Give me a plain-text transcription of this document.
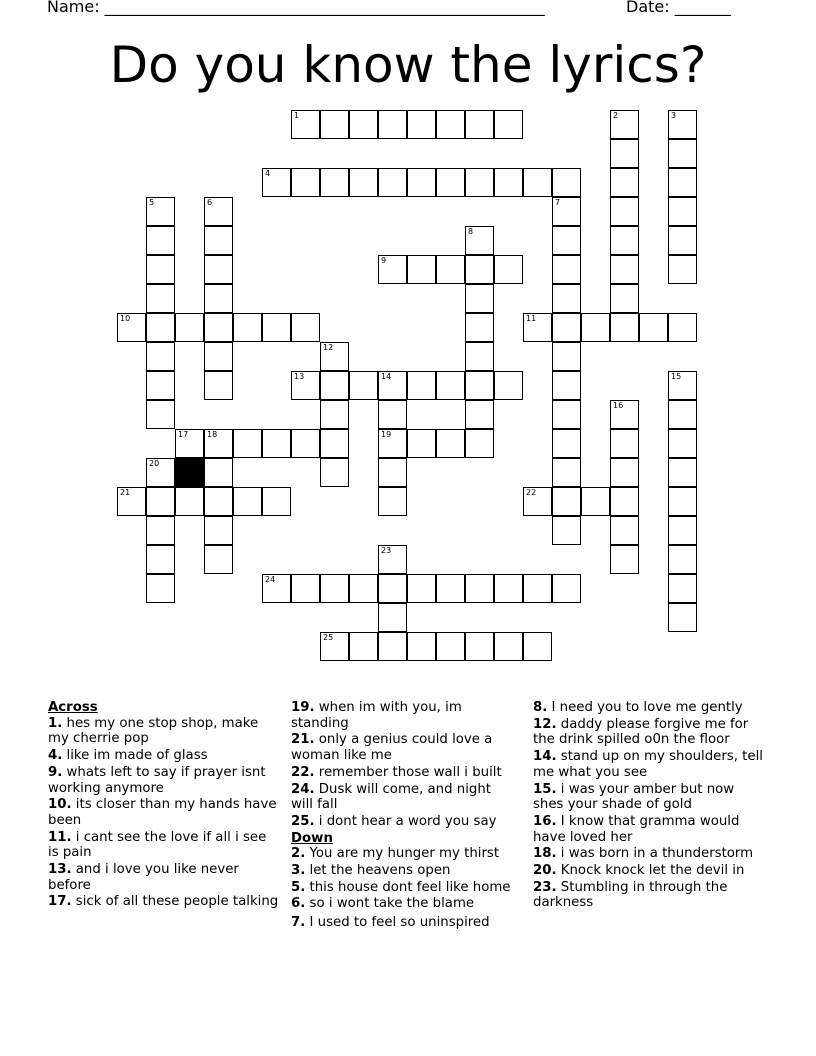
Name: _______________________________________________________	Date: _______
Do you know the lyrics?
1	2	3
4
5	6	7
8
9
10	11
12
13	14	15
16
17 18	19
20
21	22
23
24
25
Across
1. hes my one stop shop, make my cherrie pop
4. like im made of glass
9. whats left to say if prayer isnt working anymore
10. its closer than my hands have been
11. i cant see the love if all i see is pain
13. and i love you like never before
17. sick of all these people talking
19. when im with you, im standing
21. only a genius could love a woman like me
22. remember those wall i built
24. Dusk will come, and night will fall
25. i dont hear a word you say
Down
2. You are my hunger my thirst
3. let the heavens open
5. this house dont feel like home
6. so i wont take the blame
7. I used to feel so uninspired
8. I need you to love me gently
12. daddy please forgive me for the drink spilled o0n the floor
14. stand up on my shoulders, tell me what you see
15. i was your amber but now shes your shade of gold
16. I know that gramma would have loved her
18. i was born in a thunderstorm
20. Knock knock let the devil in
23. Stumbling in through the darkness
